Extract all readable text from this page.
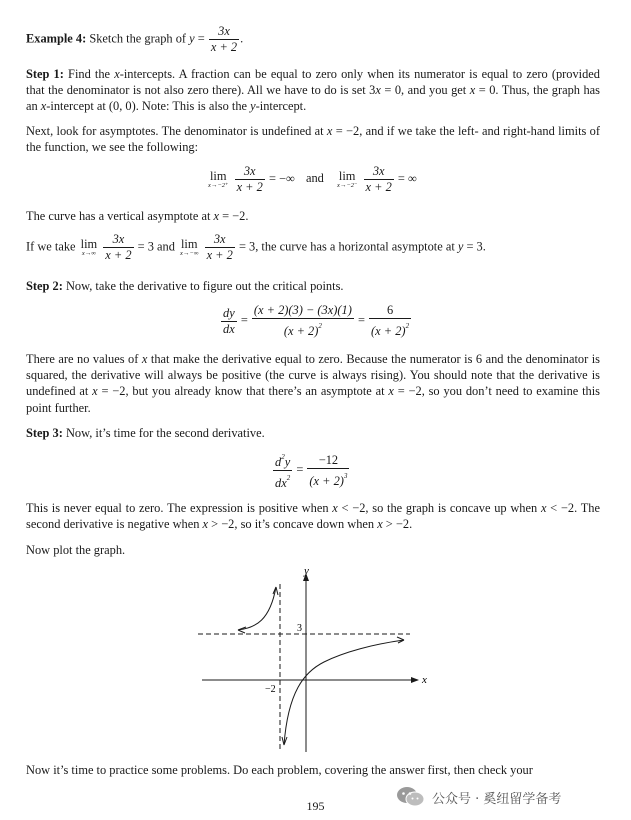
Example 4: Sketch the graph of $y = \frac{3x}{x + 2}$ .

Step 1: Find the x-intercepts. A fraction can be equal to zero only when its numerator is equal to zero (provided that the denominator is not also zero there). All we have to do is set 3x = 0, and you get x = 0. Thus, the graph has an x-intercept at (0, 0). Note: This is also the y-intercept.

Next, look for asymptotes. The denominator is undefined at x = −2, and if we take the left- and right-hand limits of the function, we see the following:

lim
x→−2⁺
$\frac{3x}{x + 2}$ = −∞ and lim
x→−2⁻
$\frac{3x}{x + 2}$ = ∞

The curve has a vertical asymptote at x = −2.

If we take lim
x→∞
$\frac{3x}{x + 2} = 3$ and lim
x→−∞
$\frac{3x}{x + 2} = 3$, the curve has a horizontal asymptote at y = 3.

Step 2: Now, take the derivative to figure out the critical points.

$\frac{dy}{dx} = \frac{(x + 2)(3) - (3x)(1)}{(x + 2)^2} = \frac{6}{(x + 2)^2}$

There are no values of x that make the derivative equal to zero. Because the numerator is 6 and the denominator is squared, the derivative will always be positive (the curve is always rising). You should note that the derivative is undefined at x = −2, but you already know that there’s an asymptote at x = −2, so you don’t need to examine this point further.

Step 3: Now, it’s time for the second derivative.

$\frac{d^2y}{dx^2} = \frac{-12}{(x + 2)^3}$

This is never equal to zero. The expression is positive when x < −2, so the graph is concave up when x < −2. The second derivative is negative when x > −2, so it’s concave down when x > −2.

Now plot the graph.

y
x
3
−2
Now it’s time to practice some problems. Do each problem, covering the answer first, then check your
195	公众号 · 奚纽留学备考
